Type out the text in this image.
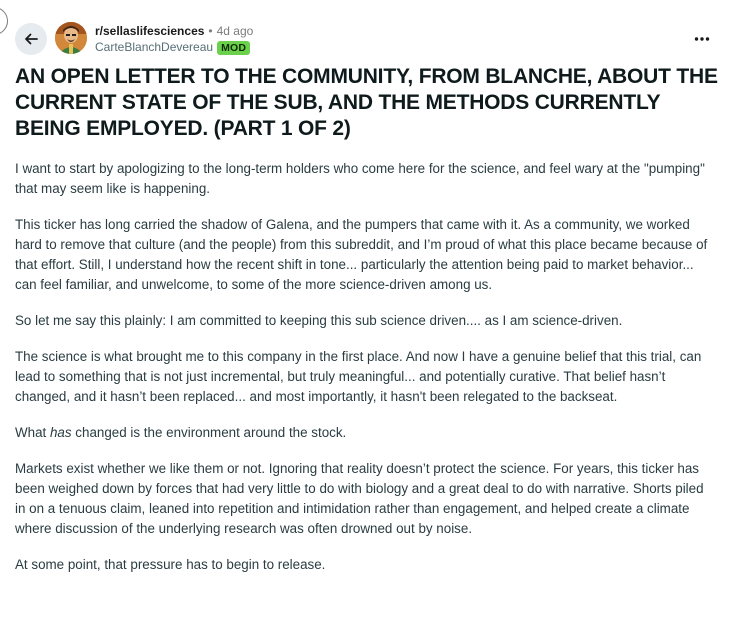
r/sellaslifesciences • 4d ago
CarteBlanchDevereau MOD
AN OPEN LETTER TO THE COMMUNITY, FROM BLANCHE, ABOUT THE CURRENT STATE OF THE SUB, AND THE METHODS CURRENTLY BEING EMPLOYED. (PART 1 OF 2)

I want to start by apologizing to the long-term holders who come here for the science, and feel wary at the "pumping" that may seem like is happening.

This ticker has long carried the shadow of Galena, and the pumpers that came with it. As a community, we worked hard to remove that culture (and the people) from this subreddit, and I’m proud of what this place became because of that effort. Still, I understand how the recent shift in tone... particularly the attention being paid to market behavior... can feel familiar, and unwelcome, to some of the more science-driven among us.

So let me say this plainly: I am committed to keeping this sub science driven.... as I am science-driven.

The science is what brought me to this company in the first place. And now I have a genuine belief that this trial, can lead to something that is not just incremental, but truly meaningful... and potentially curative. That belief hasn’t changed, and it hasn’t been replaced... and most importantly, it hasn't been relegated to the backseat.

What has changed is the environment around the stock.

Markets exist whether we like them or not. Ignoring that reality doesn’t protect the science. For years, this ticker has been weighed down by forces that had very little to do with biology and a great deal to do with narrative. Shorts piled in on a tenuous claim, leaned into repetition and intimidation rather than engagement, and helped create a climate where discussion of the underlying research was often drowned out by noise.

At some point, that pressure has to begin to release.
